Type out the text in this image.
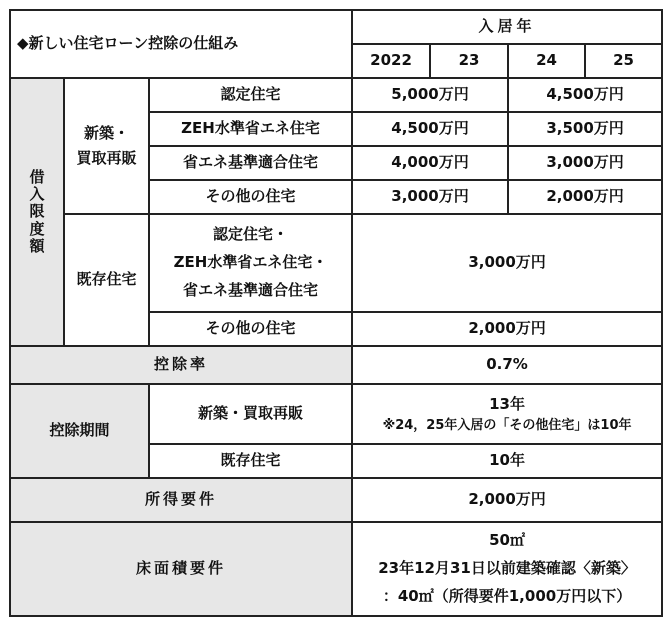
◆新しい住宅ローン控除の仕組み			入居年			
			2022	23	24	25

借
入
限
度
額	新築・
買取再販	認定住宅	5,000万円		4,500万円	
		ZEH水準省エネ住宅	4,500万円		3,500万円	
		省エネ基準適合住宅	4,000万円		3,000万円	
		その他の住宅	3,000万円		2,000万円	
	既存住宅	認定住宅・
ZEH水準省エネ住宅・
省エネ基準適合住宅	3,000万円			
		その他の住宅	2,000万円			
控除率			0.7%			
控除期間		新築・買取再販	13年
※24，25年入居の「その他住宅」は10年			

		既存住宅	10年			
所得要件			2,000万円			
床面積要件			50㎡
23年12月31日以前建築確認〈新築〉
：40㎡（所得要件1,000万円以下）			
